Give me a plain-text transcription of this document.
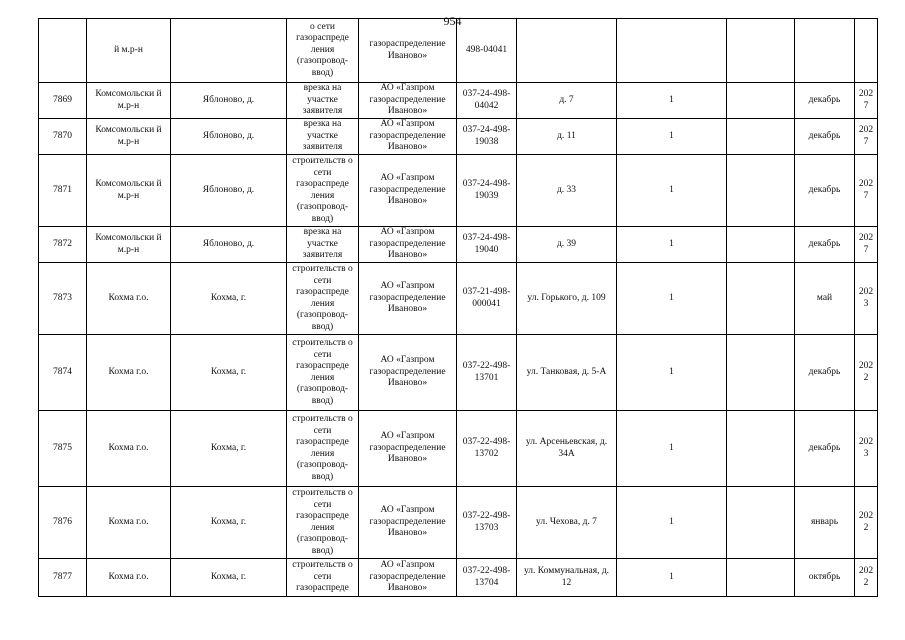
954
	й м.р-н		о сети газораспреде ления (газопровод-ввод)	газораспределение Иваново»	498-04041					
7869	Комсомольски й м.р-н	Яблоново, д.	врезка на участке заявителя	АО «Газпром газораспределение Иваново»	037-24-498-04042	д. 7	1		декабрь	2027
7870	Комсомольски й м.р-н	Яблоново, д.	врезка на участке заявителя	АО «Газпром газораспределение Иваново»	037-24-498-19038	д. 11	1		декабрь	2027
7871	Комсомольски й м.р-н	Яблоново, д.	строительств о сети газораспреде ления (газопровод-ввод)	АО «Газпром газораспределение Иваново»	037-24-498-19039	д. 33	1		декабрь	2027
7872	Комсомольски й м.р-н	Яблоново, д.	врезка на участке заявителя	АО «Газпром газораспределение Иваново»	037-24-498-19040	д. 39	1		декабрь	2027
7873	Кохма г.о.	Кохма, г.	строительств о сети газораспреде ления (газопровод-ввод)	АО «Газпром газораспределение Иваново»	037-21-498-000041	ул. Горького, д. 109	1		май	2023
7874	Кохма г.о.	Кохма, г.	строительств о сети газораспреде ления (газопровод-ввод)	АО «Газпром газораспределение Иваново»	037-22-498-13701	ул. Танковая, д. 5-А	1		декабрь	2022
7875	Кохма г.о.	Кохма, г.	строительств о сети газораспреде ления (газопровод-ввод)	АО «Газпром газораспределение Иваново»	037-22-498-13702	ул. Арсеньевская, д. 34А	1		декабрь	2023
7876	Кохма г.о.	Кохма, г.	строительств о сети газораспреде ления (газопровод-ввод)	АО «Газпром газораспределение Иваново»	037-22-498-13703	ул. Чехова, д. 7	1		январь	2022
7877	Кохма г.о.	Кохма, г.	строительств о сети газораспреде	АО «Газпром газораспределение Иваново»	037-22-498-13704	ул. Коммунальная, д. 12	1		октябрь	2022
